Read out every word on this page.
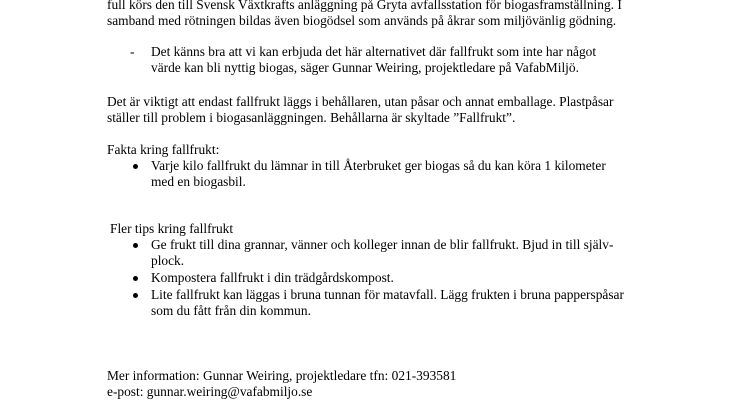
full körs den till Svensk Växtkrafts anläggning på Gryta avfallsstation för biogasframställning. I
samband med rötningen bildas även biogödsel som används på åkrar som miljövänlig gödning.
- Det känns bra att vi kan erbjuda det här alternativet där fallfrukt som inte har något
värde kan bli nyttig biogas, säger Gunnar Weiring, projektledare på VafabMiljö.
Det är viktigt att endast fallfrukt läggs i behållaren, utan påsar och annat emballage. Plastpåsar
ställer till problem i biogasanläggningen. Behållarna är skyltade ”Fallfrukt”.
Fakta kring fallfrukt:
Varje kilo fallfrukt du lämnar in till Återbruket ger biogas så du kan köra 1 kilometer
med en biogasbil.
Fler tips kring fallfrukt
Ge frukt till dina grannar, vänner och kolleger innan de blir fallfrukt. Bjud in till själv-
plock.
Kompostera fallfrukt i din trädgårdskompost.
Lite fallfrukt kan läggas i bruna tunnan för matavfall. Lägg frukten i bruna papperspåsar
som du fått från din kommun.
Mer information: Gunnar Weiring, projektledare tfn: 021-393581
e-post: gunnar.weiring@vafabmiljo.se
